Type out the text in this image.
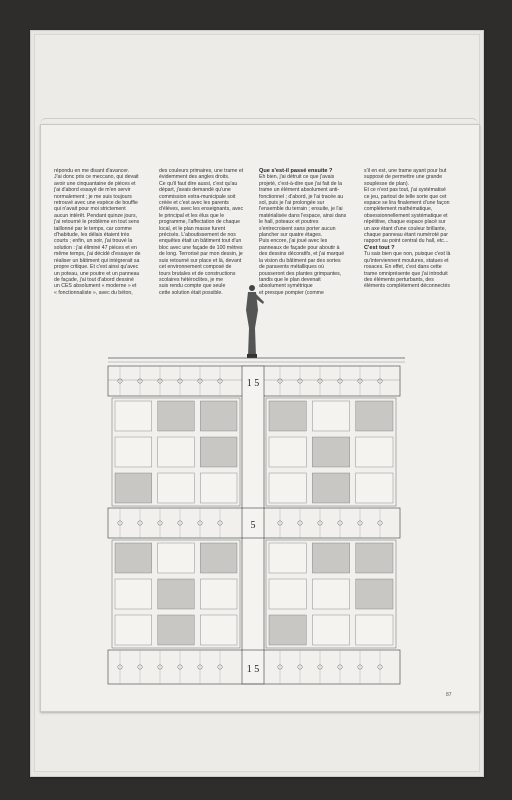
répondu en me disant d'avancer.
J'ai donc pris ce meccano, qui devait
avoir une cinquantaine de pièces et
j'ai d'abord essayé de m'en servir
normalement ; je me suis toujours
retrouvé avec une espèce de bouffie
qui n'avait pour moi strictement
aucun intérêt. Pendant quinze jours,
j'ai retourné le problème en tout sens
taillonné par le temps, car comme
d'habitude, les délais étaient très
courts ; enfin, un soir, j'ai trouvé la
solution : j'ai éliminé 47 pièces et en
même temps, j'ai décidé d'essayer de
réaliser un bâtiment qui intégrerait sa
propre critique. Et c'est ainsi qu'avec
un poteau, une poutre et un panneau
de façade, j'ai tout d'abord dessiné
un CES absolument « moderne » et
« fonctionnaliste », avec du béton,
des couleurs primaires, une trame et
évidemment des angles droits.
Ce qu'il faut dire aussi, c'est qu'au
départ, j'avais demandé qu'une
commission extra-municipale soit
créée et c'est avec les parents
d'élèves, avec les enseignants, avec
le principal et les élus que le
programme, l'affectation de chaque
local, et le plan masse furent
précisés. L'aboutissement de nos
enquêtes était un bâtiment tout d'un
bloc avec une façade de 100 mètres
de long. Terrorisé par mon dessin, je
suis retourné sur place et là, devant
cet environnement composé de
tours brutales et de constructions
scolaires hétéroclites, je me
suis rendu compte que seule
cette solution était possible.
Que s'est-il passé ensuite ?
Eh bien, j'ai détruit ce que j'avais
projeté, c'est-à-dire que j'ai fait de la
trame un élément absolument anti-
fonctionnel ; d'abord, je l'ai tracée au
sol, puis je l'ai prolongée sur
l'ensemble du terrain ; ensuite, je l'ai
matérialisée dans l'espace, ainsi dans
le hall, poteaux et poutres
s'entrecroisent sans porter aucun
plancher sur quatre étages.
Puis encore, j'ai joué avec les
panneaux de façade pour aboutir à
des dessins décoratifs, et j'ai marqué
la vision du bâtiment par des sortes
de paravents métalliques où
pousseront des plantes grimpantes,
tandis que le plan devenait
absolument symétrique
et presque pompier (comme
s'il en est, une trame ayant pour but
supposé de permettre une grande
souplesse de plan).
Et ce n'est pas tout, j'ai systématisé
ce jeu, partout de telle sorte que cet
espace se lira finalement d'une façon
complètement mathématique,
obsessionnellement systématique et
répétitive, chaque espace placé sur
un axe étant d'une couleur brillante,
chaque panneau étant numéroté par
rapport au point central du hall, etc...

C'est tout ?
Tu sais bien que non, puisque c'est là
qu'interviennent moulures, statues et
rosaces. En effet, c'est dans cette
trame omniprésente que j'ai introduit
des éléments perturbants, des
éléments complètement déconnectés
87
1 5
5
1 5
